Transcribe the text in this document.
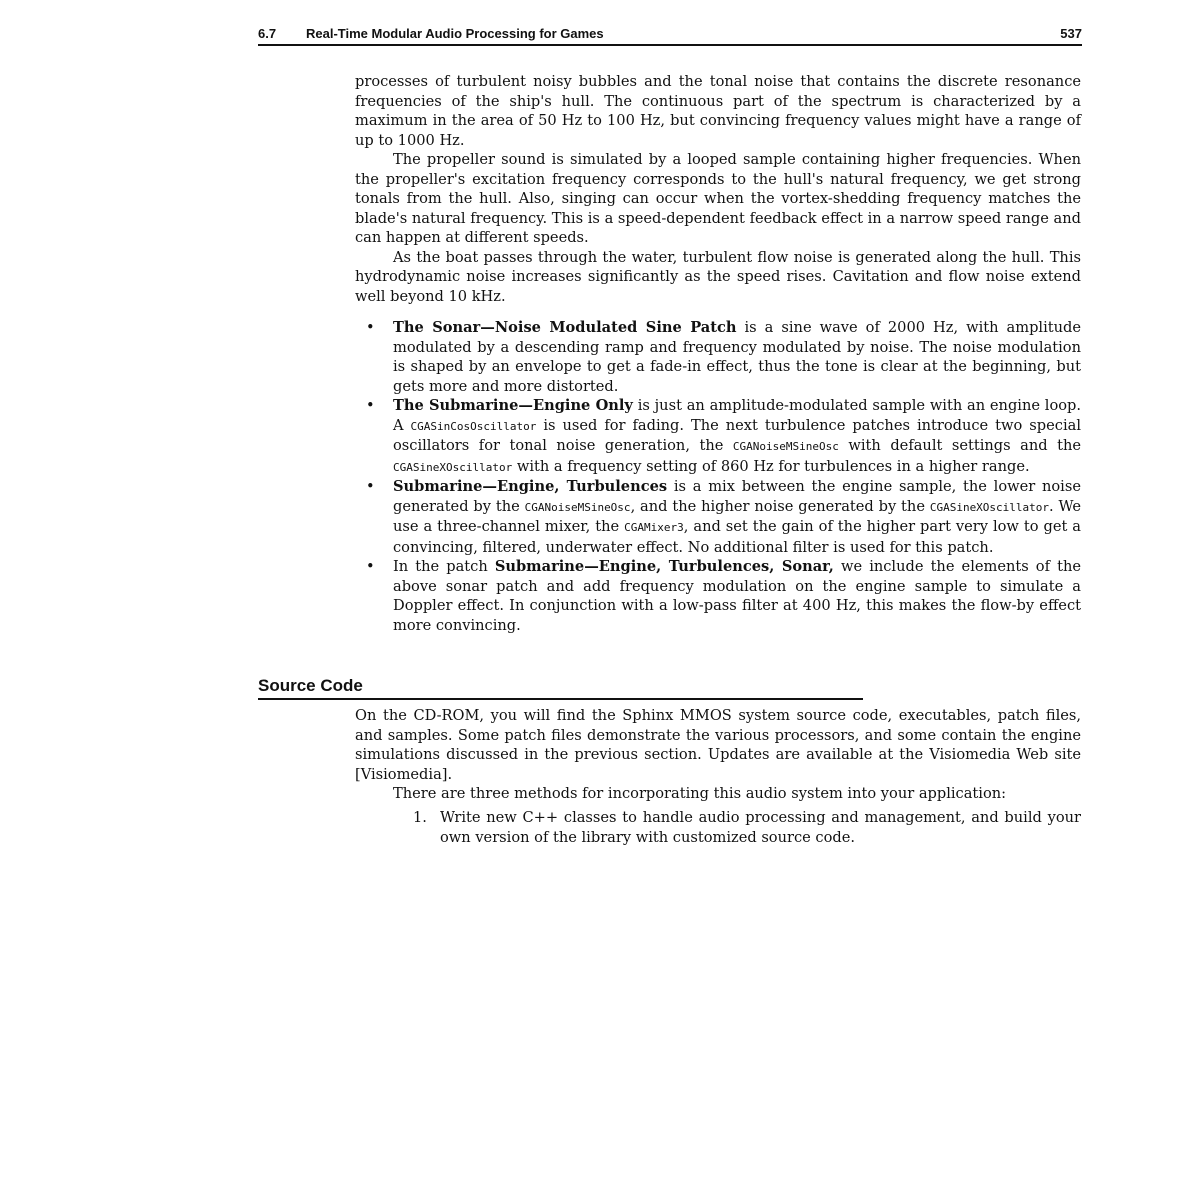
6.7 Real-Time Modular Audio Processing for Games	537

processes of turbulent noisy bubbles and the tonal noise that contains the discrete resonance frequencies of the ship's hull. The continuous part of the spectrum is characterized by a maximum in the area of 50 Hz to 100 Hz, but convincing frequency values might have a range of up to 1000 Hz.

The propeller sound is simulated by a looped sample containing higher frequencies. When the propeller's excitation frequency corresponds to the hull's natural frequency, we get strong tonals from the hull. Also, singing can occur when the vortex-shedding frequency matches the blade's natural frequency. This is a speed-dependent feedback effect in a narrow speed range and can happen at different speeds.

As the boat passes through the water, turbulent flow noise is generated along the hull. This hydrodynamic noise increases significantly as the speed rises. Cavitation and flow noise extend well beyond 10 kHz.

• The Sonar—Noise Modulated Sine Patch is a sine wave of 2000 Hz, with amplitude modulated by a descending ramp and frequency modulated by noise. The noise modulation is shaped by an envelope to get a fade-in effect, thus the tone is clear at the beginning, but gets more and more distorted.
• The Submarine—Engine Only is just an amplitude-modulated sample with an engine loop. A CGASinCosOscillator is used for fading. The next turbulence patches introduce two special oscillators for tonal noise generation, the CGANoiseMSineOsc with default settings and the CGASineXOscillator with a frequency setting of 860 Hz for turbulences in a higher range.
• Submarine—Engine, Turbulences is a mix between the engine sample, the lower noise generated by the CGANoiseMSineOsc, and the higher noise generated by the CGASineXOscillator. We use a three-channel mixer, the CGAMixer3, and set the gain of the higher part very low to get a convincing, filtered, underwater effect. No additional filter is used for this patch.
• In the patch Submarine—Engine, Turbulences, Sonar, we include the elements of the above sonar patch and add frequency modulation on the engine sample to simulate a Doppler effect. In conjunction with a low-pass filter at 400 Hz, this makes the flow-by effect more convincing.
Source Code

On the CD-ROM, you will find the Sphinx MMOS system source code, executables, patch files, and samples. Some patch files demonstrate the various processors, and some contain the engine simulations discussed in the previous section. Updates are available at the Visiomedia Web site [Visiomedia].

There are three methods for incorporating this audio system into your application:

1. Write new C++ classes to handle audio processing and management, and build your own version of the library with customized source code.
